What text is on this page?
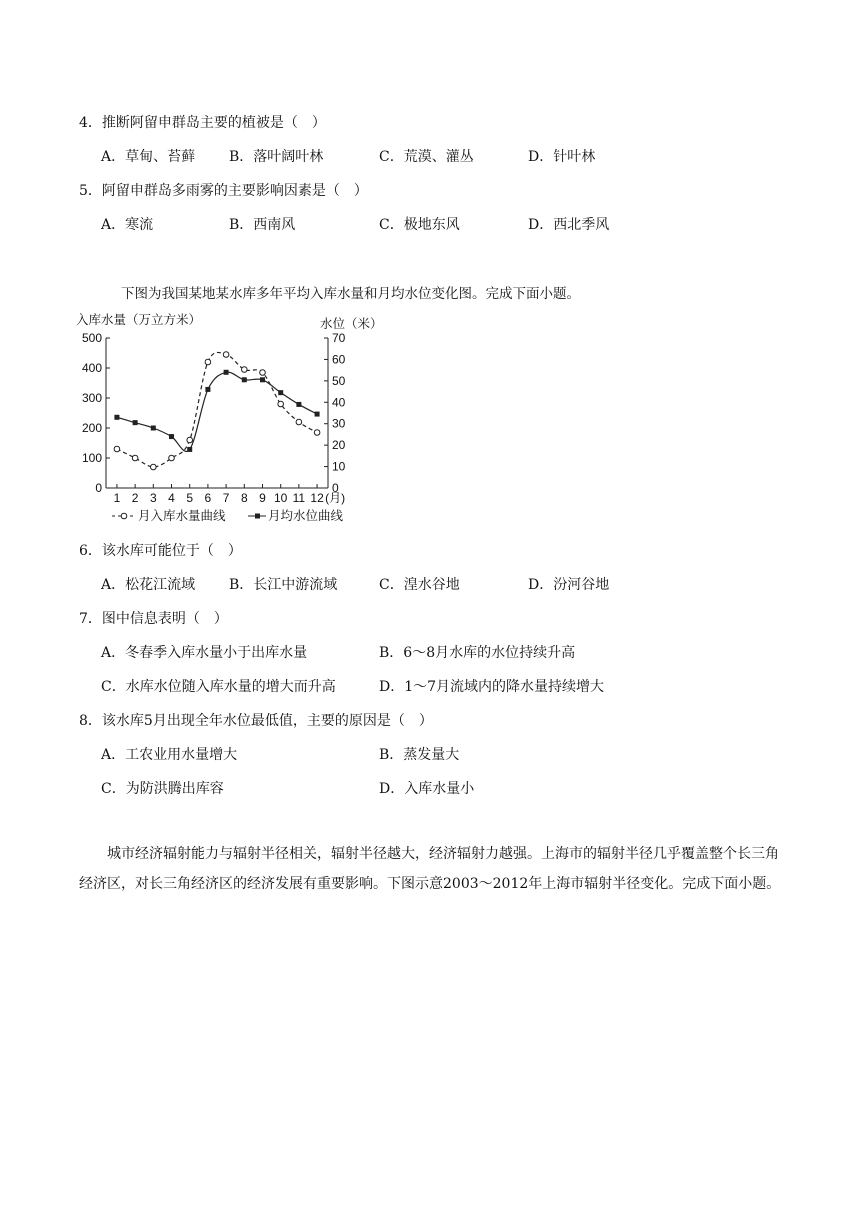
4．推断阿留申群岛主要的植被是（　）
A．草甸、苔藓 B．落叶阔叶林	C．荒漠、灌丛	D．针叶林
5．阿留申群岛多雨雾的主要影响因素是（　）
A．寒流	B．西南风	C．极地东风	D．西北季风
下图为我国某地某水库多年平均入库水量和月均水位变化图。完成下面小题。
入库水量（万立方米）	水位（米）
0
100
200
300
400
500
0
10
20
30
40
50
60
70
1 2 3 4 5 6 7 8 9 10 11 12 (月)
月入库水量曲线	月均水位曲线
6．该水库可能位于（　）
A．松花江流域 B．长江中游流域	C．湟水谷地	D．汾河谷地
7．图中信息表明（　）
A．冬春季入库水量小于出库水量	B．6～8月水库的水位持续升高
C．水库水位随入库水量的增大而升高	D．1～7月流域内的降水量持续增大
8．该水库5月出现全年水位最低值，主要的原因是（　）
A．工农业用水量增大	B．蒸发量大
C．为防洪腾出库容	D．入库水量小
城市经济辐射能力与辐射半径相关，辐射半径越大，经济辐射力越强。上海市的辐射半径几乎覆盖整个长三角经济区，对长三角经济区的经济发展有重要影响。下图示意2003～2012年上海市辐射半径变化。完成下面小题。
